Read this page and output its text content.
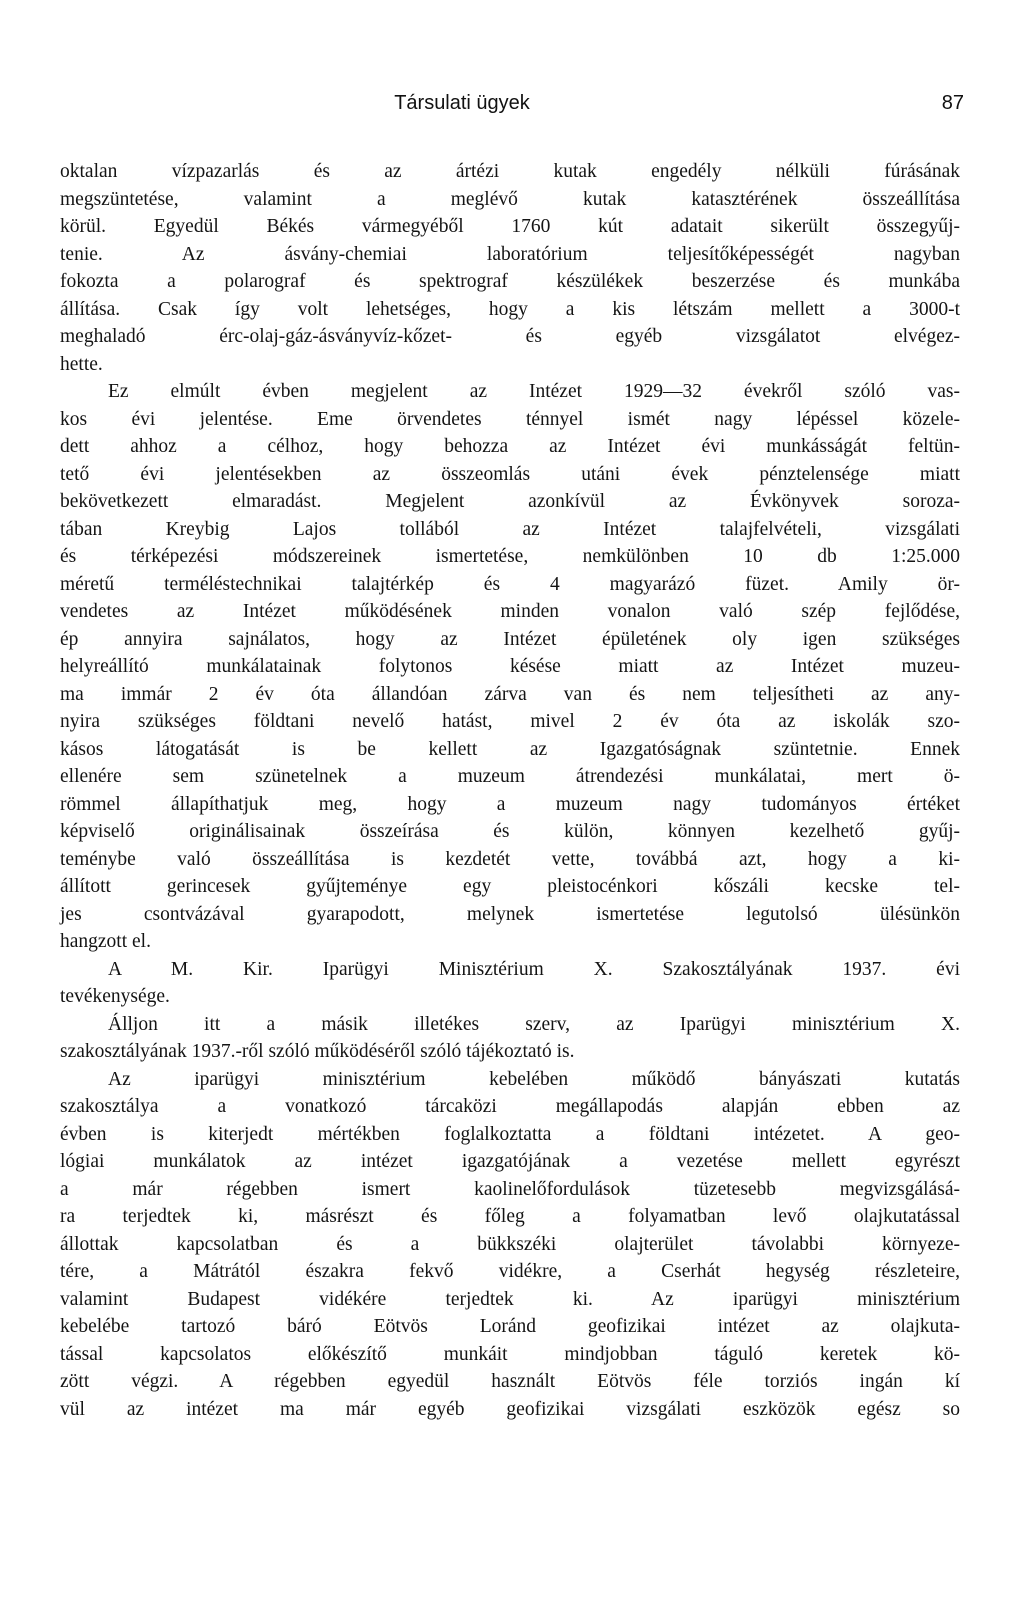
Társulati ügyek	87
oktalan vízpazarlás és az ártézi kutak engedély nélküli fúrásának
megszüntetése, valamint a meglévő kutak katasztérének összeállítása
körül. Egyedül Békés vármegyéből 1760 kút adatait sikerült összegyűj-
tenie. Az ásvány-chemiai laboratórium teljesítőképességét nagyban
fokozta a polarograf és spektrograf készülékek beszerzése és munkába
állítása. Csak így volt lehetséges, hogy a kis létszám mellett a 3000-t
meghaladó érc-olaj-gáz-ásványvíz-kőzet- és egyéb vizsgálatot elvégez-
hette.
Ez elmúlt évben megjelent az Intézet 1929—32 évekről szóló vas-
kos évi jelentése. Eme örvendetes ténnyel ismét nagy lépéssel közele-
dett ahhoz a célhoz, hogy behozza az Intézet évi munkásságát feltün-
tető évi jelentésekben az összeomlás utáni évek pénztelensége miatt
bekövetkezett elmaradást. Megjelent azonkívül az Évkönyvek soroza-
tában Kreybig Lajos tollából az Intézet talajfelvételi, vizsgálati
és térképezési módszereinek ismertetése, nemkülönben 10 db 1:25.000
méretű terméléstechnikai talajtérkép és 4 magyarázó füzet. Amily ör-
vendetes az Intézet működésének minden vonalon való szép fejlődése,
ép annyira sajnálatos, hogy az Intézet épületének oly igen szükséges
helyreállító munkálatainak folytonos késése miatt az Intézet muzeu-
ma immár 2 év óta állandóan zárva van és nem teljesítheti az any-
nyira szükséges földtani nevelő hatást, mivel 2 év óta az iskolák szo-
kásos látogatását is be kellett az Igazgatóságnak szüntetnie. Ennek
ellenére sem szünetelnek a muzeum átrendezési munkálatai, mert ö-
römmel állapíthatjuk meg, hogy a muzeum nagy tudományos értéket
képviselő originálisainak összeírása és külön, könnyen kezelhető gyűj-
teménybe való összeállítása is kezdetét vette, továbbá azt, hogy a ki-
állított gerincesek gyűjteménye egy pleistocénkori kőszáli kecske tel-
jes csontvázával gyarapodott, melynek ismertetése legutolsó ülésünkön
hangzott el.
A M. Kir. Iparügyi Minisztérium X. Szakosztályának 1937. évi
tevékenysége.
Álljon itt a másik illetékes szerv, az Iparügyi minisztérium X.
szakosztályának 1937.-ről szóló működéséről szóló tájékoztató is.
Az iparügyi minisztérium kebelében működő bányászati kutatás
szakosztálya a vonatkozó tárcaközi megállapodás alapján ebben az
évben is kiterjedt mértékben foglalkoztatta a földtani intézetet. A geo-
lógiai munkálatok az intézet igazgatójának a vezetése mellett egyrészt
a már régebben ismert kaolinelőfordulások tüzetesebb megvizsgálásá-
ra terjedtek ki, másrészt és főleg a folyamatban levő olajkutatással
állottak kapcsolatban és a bükkszéki olajterület távolabbi környeze-
tére, a Mátrától északra fekvő vidékre, a Cserhát hegység részleteire,
valamint Budapest vidékére terjedtek ki. Az iparügyi minisztérium
kebelébe tartozó báró Eötvös Loránd geofizikai intézet az olajkuta-
tással kapcsolatos előkészítő munkáit mindjobban táguló keretek kö-
zött végzi. A régebben egyedül használt Eötvös féle torziós ingán kí
vül az intézet ma már egyéb geofizikai vizsgálati eszközök egész so
